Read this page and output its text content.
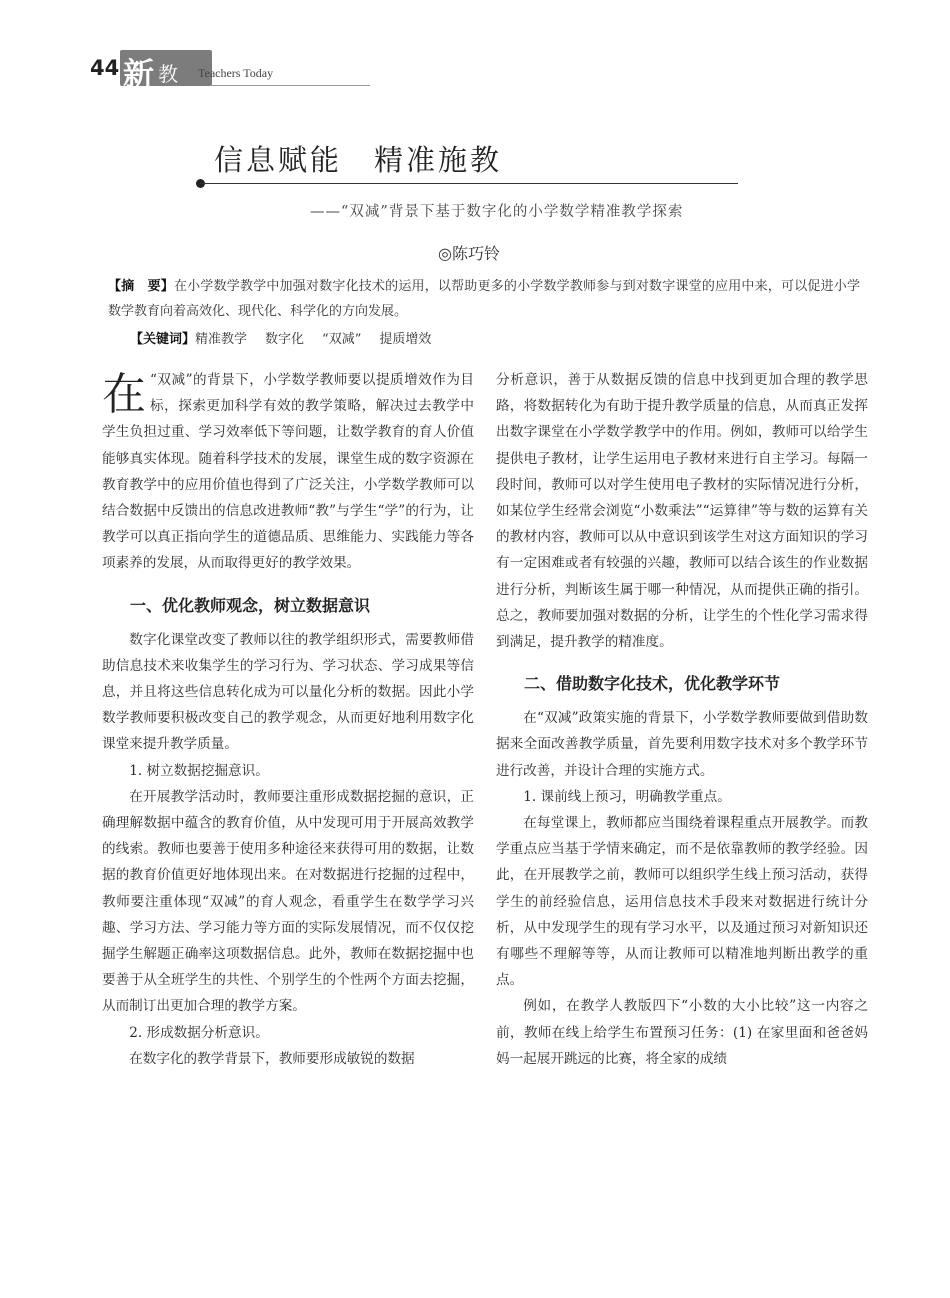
44 新 教师
Teachers Today
信息赋能　精准施教
——“双减”背景下基于数字化的小学数学精准教学探索
◎陈巧铃
【摘　要】在小学数学教学中加强对数字化技术的运用，以帮助更多的小学数学教师参与到对数字课堂的应用中来，可以促进小学数学教育向着高效化、现代化、科学化的方向发展。
【关键词】精准教学 数字化 “双减” 提质增效

在 “双减”的背景下，小学数学教师要以提质增效作为目标，探索更加科学有效的教学策略，解决过去教学中学生负担过重、学习效率低下等问题，让数学教育的育人价值能够真实体现。随着科学技术的发展，课堂生成的数字资源在教育教学中的应用价值也得到了广泛关注，小学数学教师可以结合数据中反馈出的信息改进教师“教”与学生“学”的行为，让教学可以真正指向学生的道德品质、思维能力、实践能力等各项素养的发展，从而取得更好的教学效果。

一、优化教师观念，树立数据意识

数字化课堂改变了教师以往的教学组织形式，需要教师借助信息技术来收集学生的学习行为、学习状态、学习成果等信息，并且将这些信息转化成为可以量化分析的数据。因此小学数学教师要积极改变自己的教学观念，从而更好地利用数字化课堂来提升教学质量。

1. 树立数据挖掘意识。

在开展教学活动时，教师要注重形成数据挖掘的意识，正确理解数据中蕴含的教育价值，从中发现可用于开展高效教学的线索。教师也要善于使用多种途径来获得可用的数据，让数据的教育价值更好地体现出来。在对数据进行挖掘的过程中，教师要注重体现“双减”的育人观念，看重学生在数学学习兴趣、学习方法、学习能力等方面的实际发展情况，而不仅仅挖掘学生解题正确率这项数据信息。此外，教师在数据挖掘中也要善于从全班学生的共性、个别学生的个性两个方面去挖掘，从而制订出更加合理的教学方案。

2. 形成数据分析意识。

在数字化的教学背景下，教师要形成敏锐的数据

分析意识，善于从数据反馈的信息中找到更加合理的教学思路，将数据转化为有助于提升教学质量的信息，从而真正发挥出数字课堂在小学数学教学中的作用。例如，教师可以给学生提供电子教材，让学生运用电子教材来进行自主学习。每隔一段时间，教师可以对学生使用电子教材的实际情况进行分析，如某位学生经常会浏览“小数乘法”“运算律”等与数的运算有关的教材内容，教师可以从中意识到该学生对这方面知识的学习有一定困难或者有较强的兴趣，教师可以结合该生的作业数据进行分析，判断该生属于哪一种情况，从而提供正确的指引。总之，教师要加强对数据的分析，让学生的个性化学习需求得到满足，提升教学的精准度。

二、借助数字化技术，优化教学环节

在“双减”政策实施的背景下，小学数学教师要做到借助数据来全面改善教学质量，首先要利用数字技术对多个教学环节进行改善，并设计合理的实施方式。

1. 课前线上预习，明确教学重点。

在每堂课上，教师都应当围绕着课程重点开展教学。而教学重点应当基于学情来确定，而不是依靠教师的教学经验。因此，在开展教学之前，教师可以组织学生线上预习活动，获得学生的前经验信息，运用信息技术手段来对数据进行统计分析，从中发现学生的现有学习水平，以及通过预习对新知识还有哪些不理解等等，从而让教师可以精准地判断出教学的重点。

例如，在教学人教版四下“小数的大小比较”这一内容之前，教师在线上给学生布置预习任务：(1) 在家里面和爸爸妈妈一起展开跳远的比赛，将全家的成绩
